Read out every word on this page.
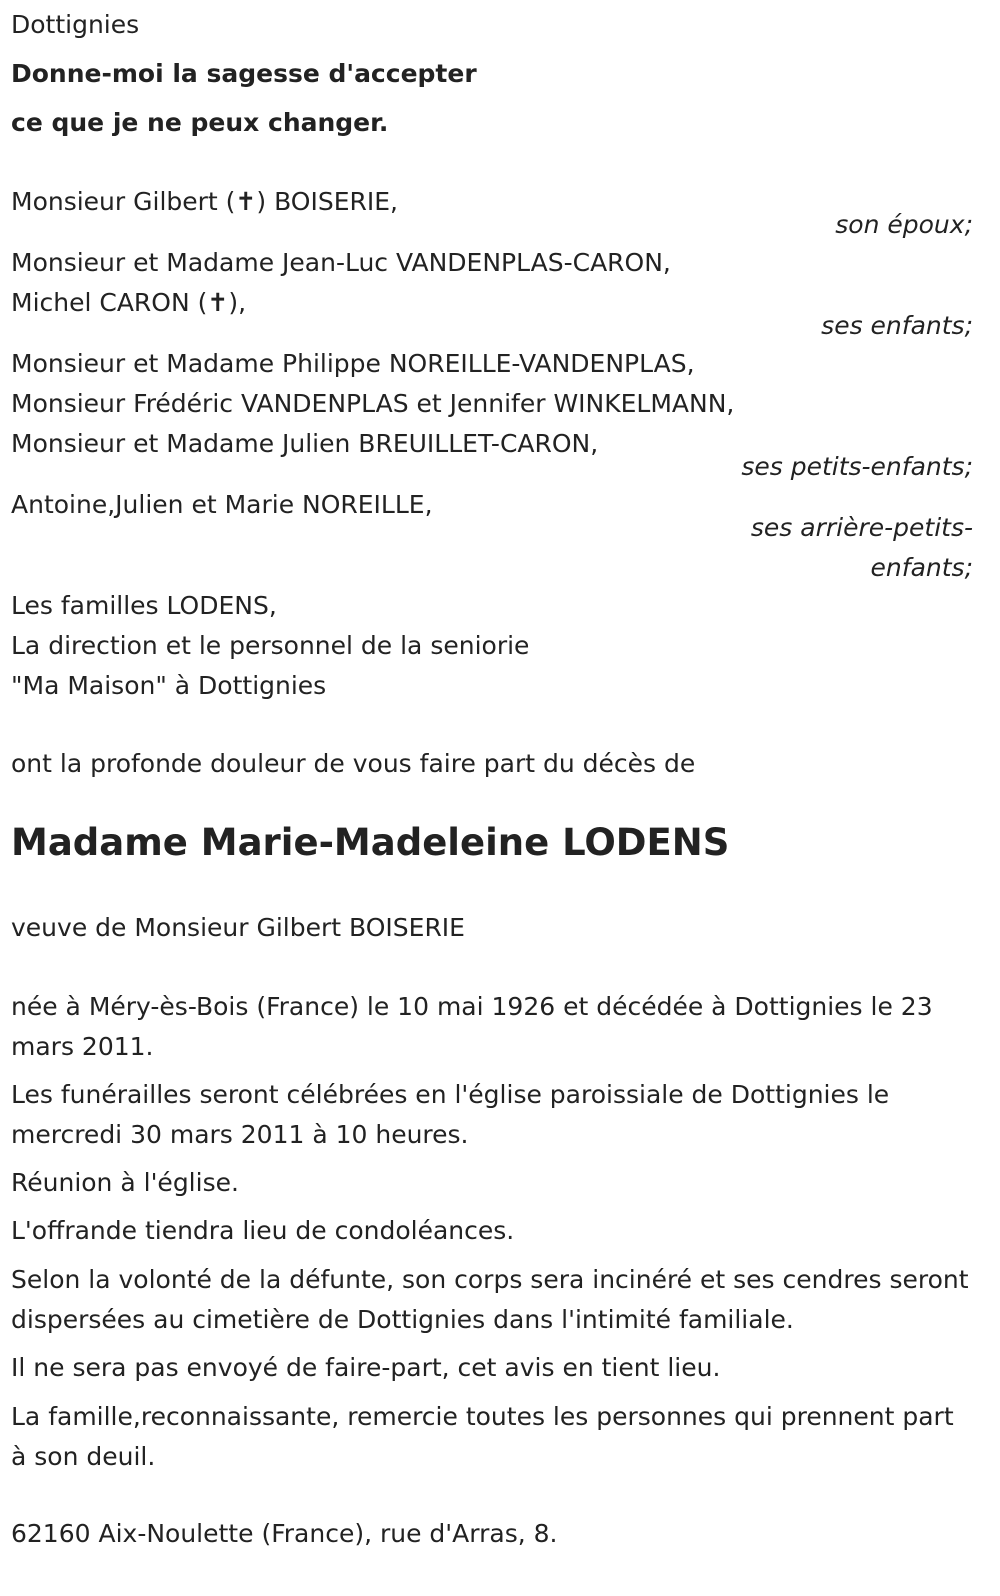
Dottignies
Donne-moi la sagesse d'accepter
ce que je ne peux changer.
Monsieur Gilbert (✝) BOISERIE,
son époux;
Monsieur et Madame Jean-Luc VANDENPLAS-CARON,
Michel CARON (✝),
ses enfants;
Monsieur et Madame Philippe NOREILLE-VANDENPLAS,
Monsieur Frédéric VANDENPLAS et Jennifer WINKELMANN,
Monsieur et Madame Julien BREUILLET-CARON,
ses petits-enfants;
Antoine,Julien et Marie NOREILLE,
ses arrière-petits-
enfants;
Les familles LODENS,
La direction et le personnel de la seniorie
"Ma Maison" à Dottignies
ont la profonde douleur de vous faire part du décès de
Madame Marie-Madeleine LODENS
veuve de Monsieur Gilbert BOISERIE
née à Méry-ès-Bois (France) le 10 mai 1926 et décédée à Dottignies le 23 mars 2011.
Les funérailles seront célébrées en l'église paroissiale de Dottignies le mercredi 30 mars 2011 à 10 heures.
Réunion à l'église.
L'offrande tiendra lieu de condoléances.
Selon la volonté de la défunte, son corps sera incinéré et ses cendres seront dispersées au cimetière de Dottignies dans l'intimité familiale.
Il ne sera pas envoyé de faire-part, cet avis en tient lieu.
La famille,reconnaissante, remercie toutes les personnes qui prennent part à son deuil.
62160 Aix-Noulette (France), rue d'Arras, 8.
